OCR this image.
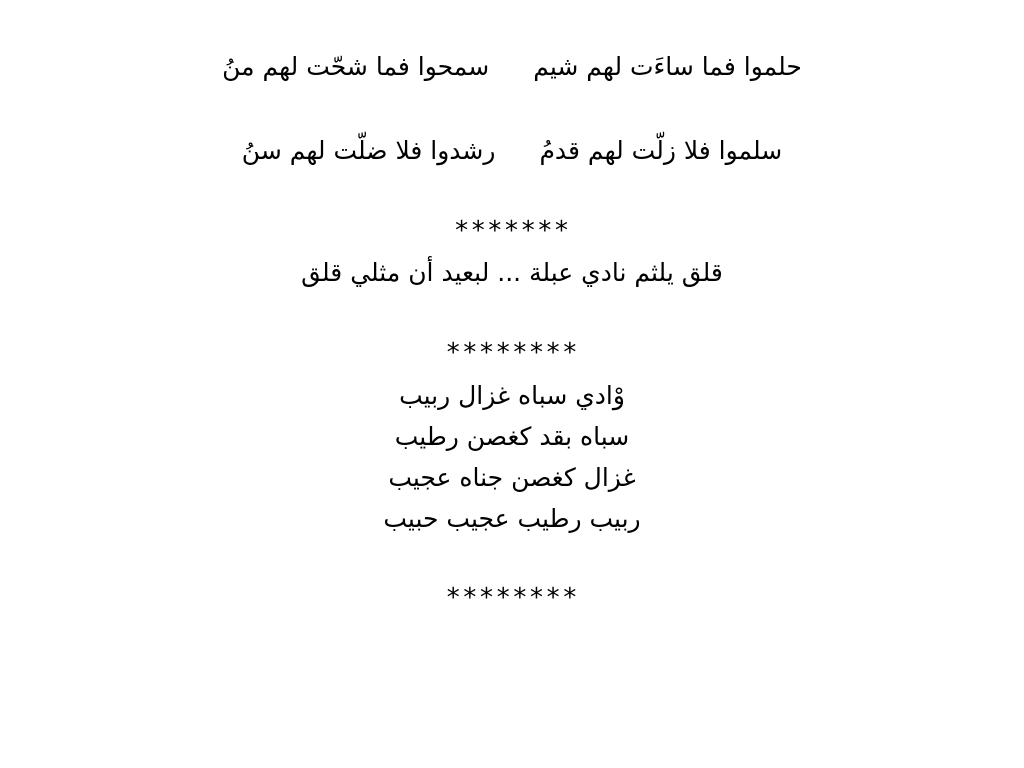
حلموا فما ساءَت لهم شيمسمحوا فما شحّت لهم منُ
سلموا فلا زلّت لهم قدمُرشدوا فلا ضلّت لهم سنُ
*******
قلق يلثم نادي عبلة ... لبعيد أن مثلي قلق
********
وْادي سباه غزال ربيب
سباه بقد كغصن رطيب
غزال كغصن جناه عجيب
ربيب رطيب عجيب حبيب
********
